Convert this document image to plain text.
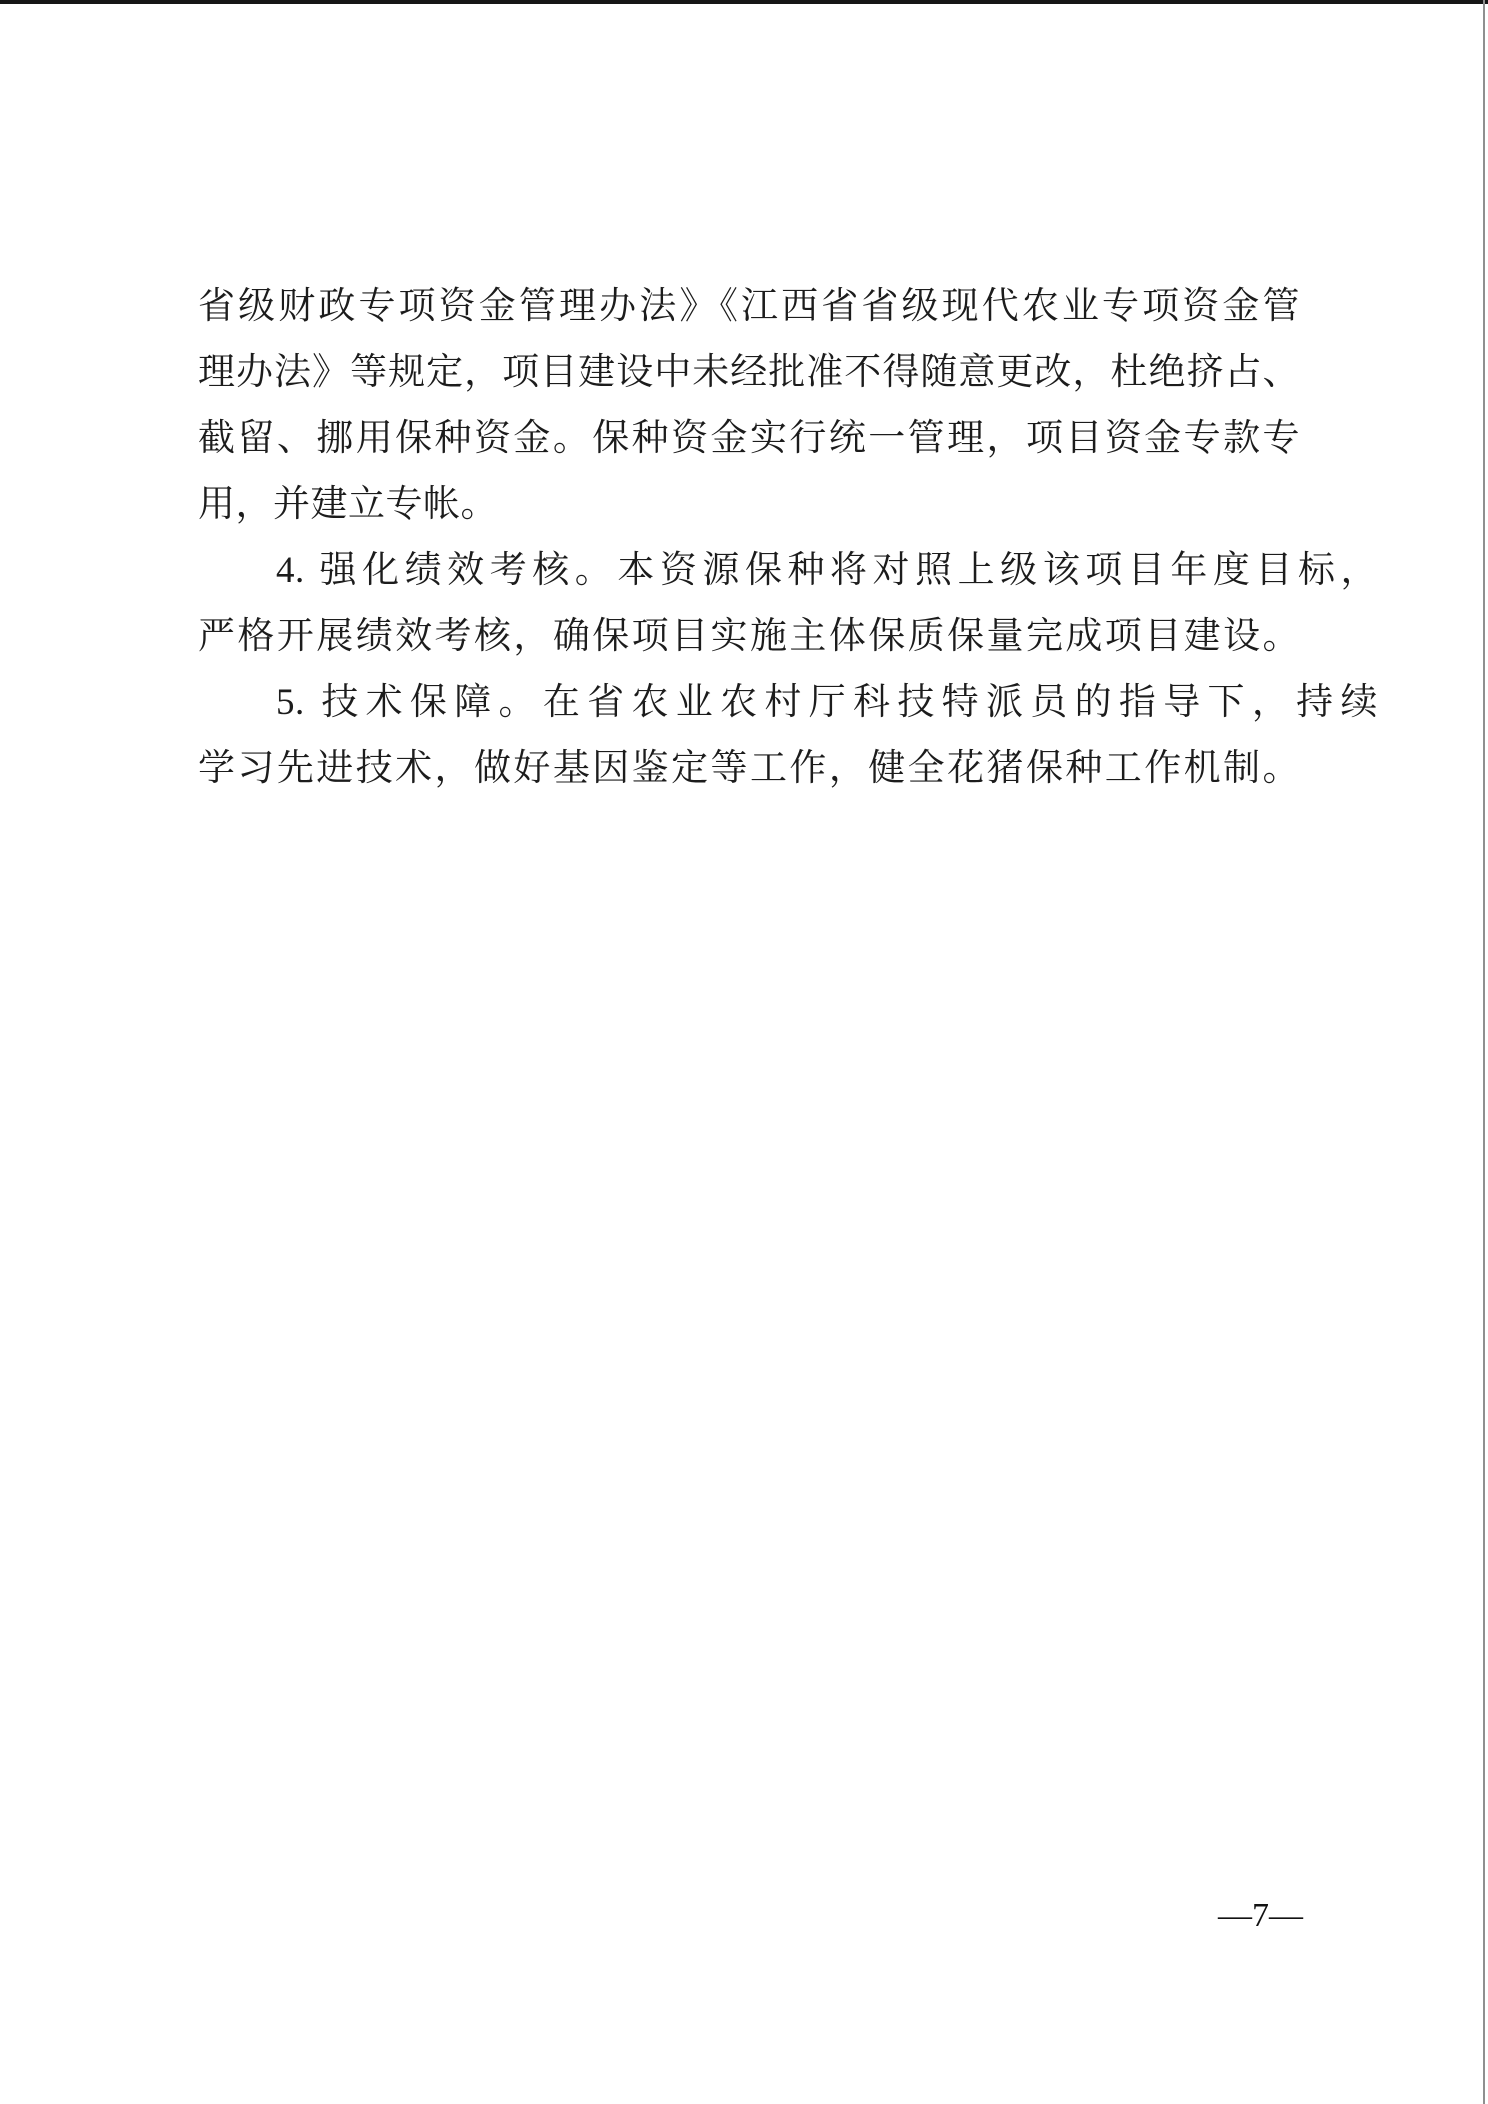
省级财政专项资金管理办法》《江西省省级现代农业专项资金管
理办法》等规定，项目建设中未经批准不得随意更改，杜绝挤占、
截留、挪用保种资金。保种资金实行统一管理，项目资金专款专
用，并建立专帐。
4. 强化绩效考核。本资源保种将对照上级该项目年度目标，
严格开展绩效考核，确保项目实施主体保质保量完成项目建设。
5. 技术保障。在省农业农村厅科技特派员的指导下，持续
学习先进技术，做好基因鉴定等工作，健全花猪保种工作机制。
—7—
